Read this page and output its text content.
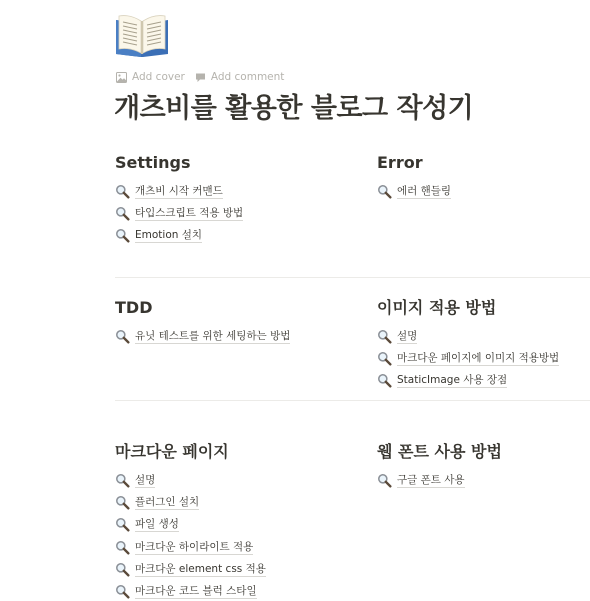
Add cover Add comment
개츠비를 활용한 블로그 작성기
Settings
개츠비 시작 커맨드
타입스크립트 적용 방법
Emotion 설치
Error
에러 핸들링
TDD
유닛 테스트를 위한 세팅하는 방법
이미지 적용 방법
설명
마크다운 페이지에 이미지 적용방법
StaticImage 사용 장점
마크다운 페이지
설명
플러그인 설치
파일 생성
마크다운 하이라이트 적용
마크다운 element css 적용
마크다운 코드 블럭 스타일
웹 폰트 사용 방법
구글 폰트 사용
